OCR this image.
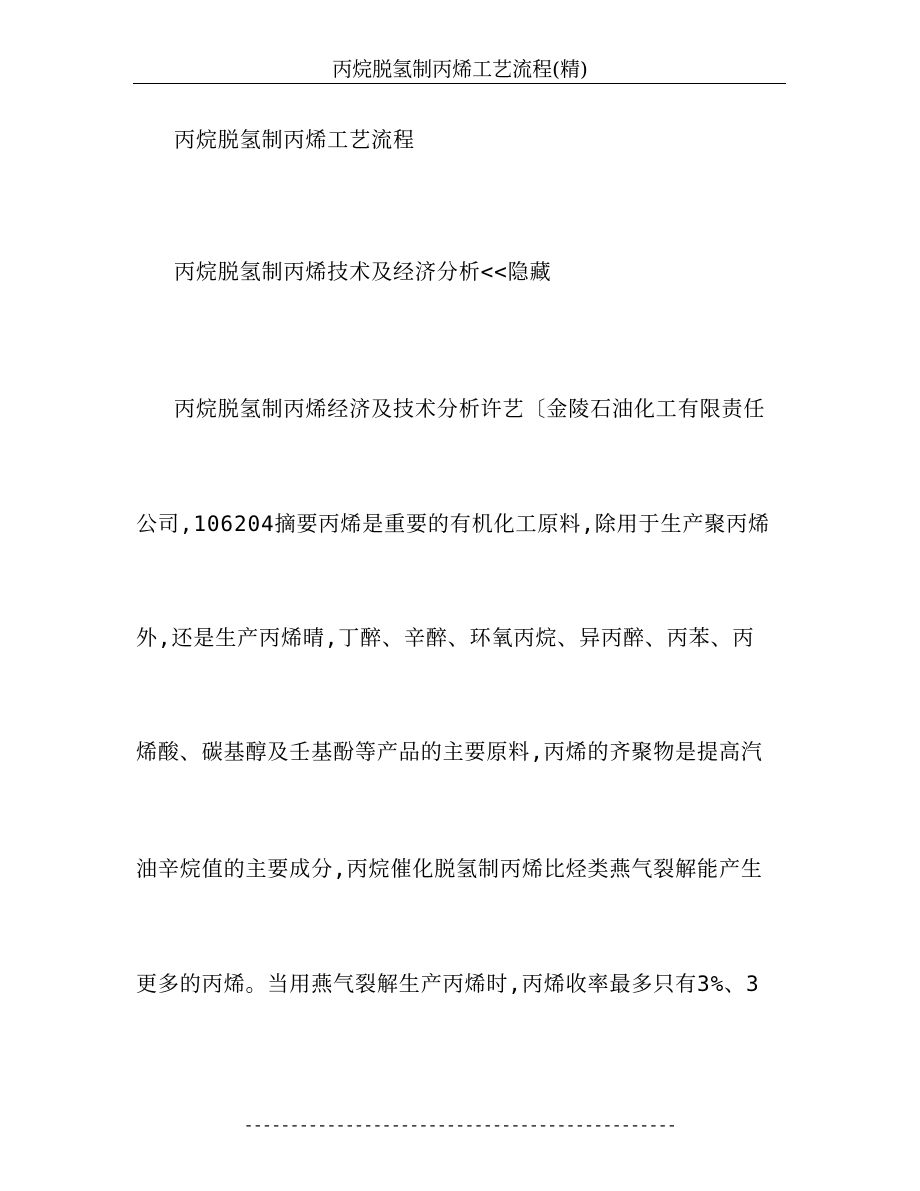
丙烷脱氢制丙烯工艺流程(精)
丙烷脱氢制丙烯工艺流程
丙烷脱氢制丙烯技术及经济分析<<隐藏
丙烷脱氢制丙烯经济及技术分析许艺〔金陵石油化工有限责任
公司,106204摘要丙烯是重要的有机化工原料,除用于生产聚丙烯
外,还是生产丙烯晴,丁醉、辛醉、环氧丙烷、异丙醉、丙苯、丙
烯酸、碳基醇及壬基酚等产品的主要原料,丙烯的齐聚物是提高汽
油辛烷值的主要成分,丙烷催化脱氢制丙烯比烃类燕气裂解能产生
更多的丙烯。当用燕气裂解生产丙烯时,丙烯收率最多只有3%、3
-----------------------------------------------
